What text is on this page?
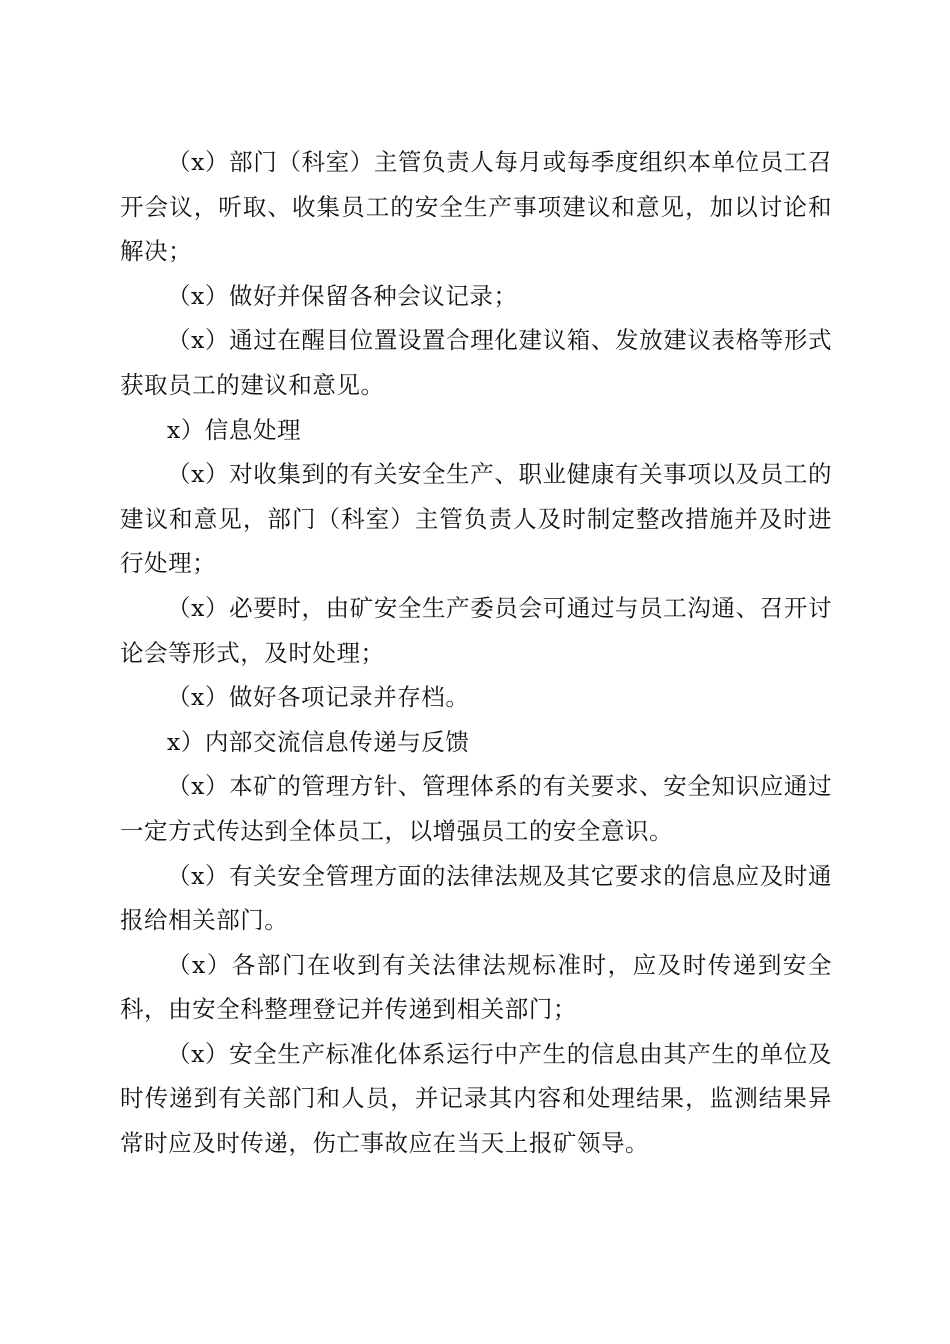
（x）部门（科室）主管负责人每月或每季度组织本单位员工召开会议，听取、收集员工的安全生产事项建议和意见，加以讨论和解决；

（x）做好并保留各种会议记录；

（x）通过在醒目位置设置合理化建议箱、发放建议表格等形式获取员工的建议和意见。

x）信息处理

（x）对收集到的有关安全生产、职业健康有关事项以及员工的建议和意见，部门（科室）主管负责人及时制定整改措施并及时进行处理；

（x）必要时，由矿安全生产委员会可通过与员工沟通、召开讨论会等形式，及时处理；

（x）做好各项记录并存档。

x）内部交流信息传递与反馈

（x）本矿的管理方针、管理体系的有关要求、安全知识应通过一定方式传达到全体员工，以增强员工的安全意识。

（x）有关安全管理方面的法律法规及其它要求的信息应及时通报给相关部门。

（x）各部门在收到有关法律法规标准时，应及时传递到安全科，由安全科整理登记并传递到相关部门；

（x）安全生产标准化体系运行中产生的信息由其产生的单位及时传递到有关部门和人员，并记录其内容和处理结果，监测结果异常时应及时传递，伤亡事故应在当天上报矿领导。
